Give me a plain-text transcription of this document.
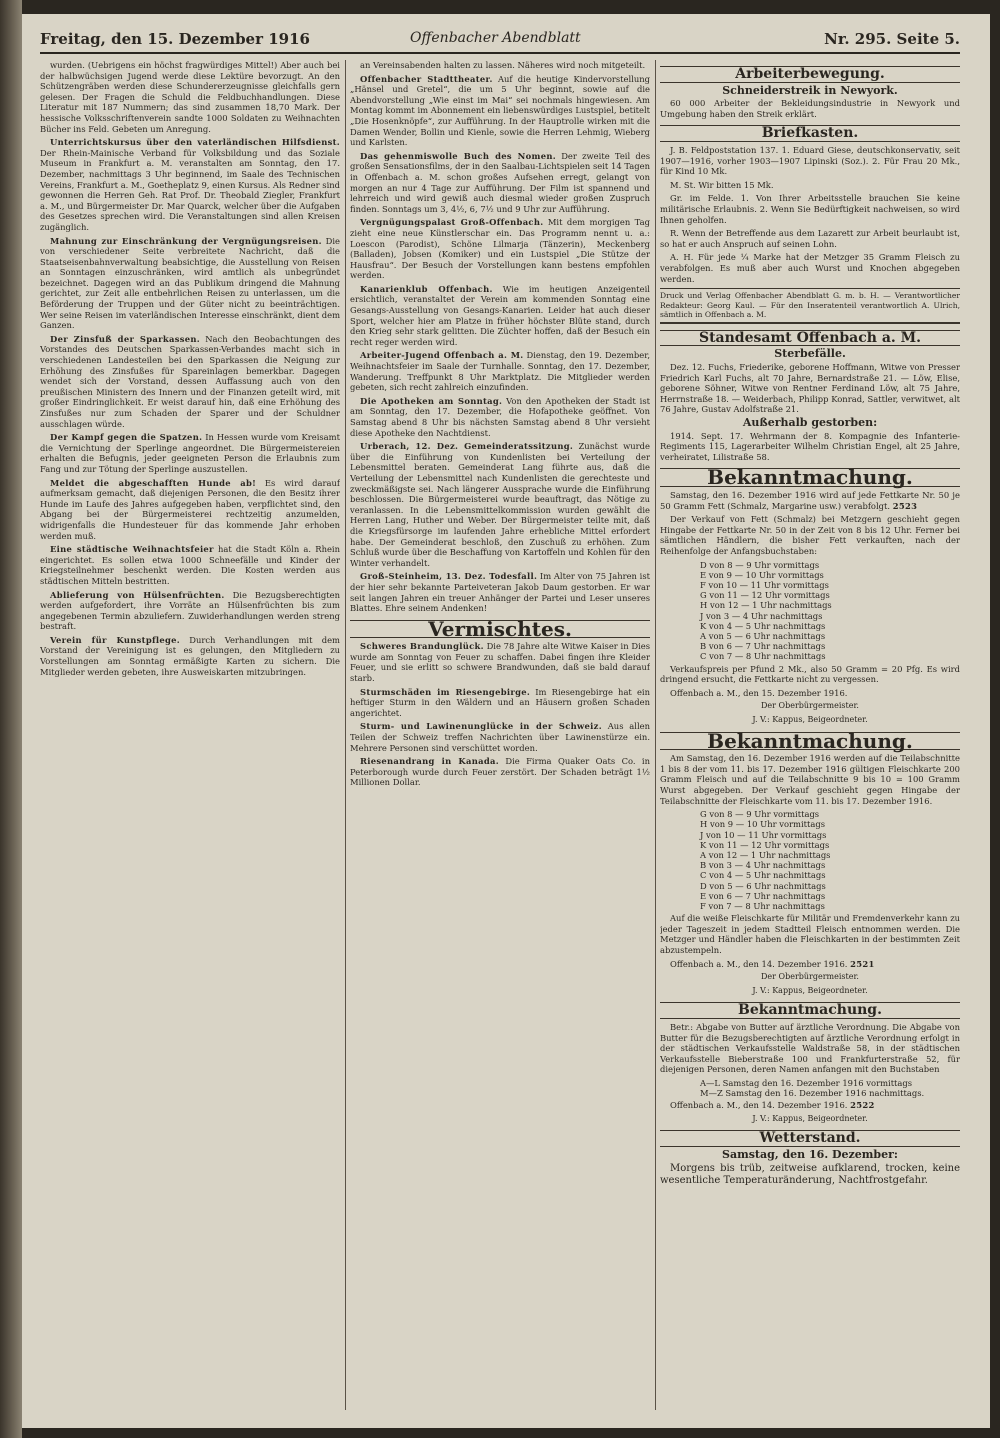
Freitag, den 15. Dezember 1916	Offenbacher Abendblatt	Nr. 295. Seite 5.

wurden. (Uebrigens ein höchst fragwürdiges Mittel!) Aber auch bei der halbwüchsigen Jugend werde diese Lektüre bevorzugt. An den Schützengräben werden diese Schundererzeugnisse gleichfalls gern gelesen. Der Fragen die Schuld die Feldbuchhandlungen. Diese Literatur mit 187 Nummern; das sind zusammen 18,70 Mark. Der hessische Volksschriftenverein sandte 1000 Soldaten zu Weihnachten Bücher ins Feld. Gebeten um Anregung.

Unterrichtskursus über den vaterländischen Hilfsdienst. Der Rhein-Mainische Verband für Volksbildung und das Soziale Museum in Frankfurt a. M. veranstalten am Sonntag, den 17. Dezember, nachmittags 3 Uhr beginnend, im Saale des Technischen Vereins, Frankfurt a. M., Goetheplatz 9, einen Kursus. Als Redner sind gewonnen die Herren Geh. Rat Prof. Dr. Theobald Ziegler, Frankfurt a. M., und Bürgermeister Dr. Mar Quarck, welcher über die Aufgaben des Gesetzes sprechen wird. Die Veranstaltungen sind allen Kreisen zugänglich.

Mahnung zur Einschränkung der Vergnügungsreisen. Die von verschiedener Seite verbreitete Nachricht, daß die Staatseisenbahnverwaltung beabsichtige, die Ausstellung von Reisen an Sonntagen einzuschränken, wird amtlich als unbegründet bezeichnet. Dagegen wird an das Publikum dringend die Mahnung gerichtet, zur Zeit alle entbehrlichen Reisen zu unterlassen, um die Beförderung der Truppen und der Güter nicht zu beeinträchtigen. Wer seine Reisen im vaterländischen Interesse einschränkt, dient dem Ganzen.

Der Zinsfuß der Sparkassen. Nach den Beobachtungen des Vorstandes des Deutschen Sparkassen-Verbandes macht sich in verschiedenen Landesteilen bei den Sparkassen die Neigung zur Erhöhung des Zinsfußes für Spareinlagen bemerkbar. Dagegen wendet sich der Vorstand, dessen Auffassung auch von den preußischen Ministern des Innern und der Finanzen geteilt wird, mit großer Eindringlichkeit. Er weist darauf hin, daß eine Erhöhung des Zinsfußes nur zum Schaden der Sparer und der Schuldner ausschlagen würde.

Der Kampf gegen die Spatzen. In Hessen wurde vom Kreisamt die Vernichtung der Sperlinge angeordnet. Die Bürgermeistereien erhalten die Befugnis, jeder geeigneten Person die Erlaubnis zum Fang und zur Tötung der Sperlinge auszustellen.

Meldet die abgeschafften Hunde ab! Es wird darauf aufmerksam gemacht, daß diejenigen Personen, die den Besitz ihrer Hunde im Laufe des Jahres aufgegeben haben, verpflichtet sind, den Abgang bei der Bürgermeisterei rechtzeitig anzumelden, widrigenfalls die Hundesteuer für das kommende Jahr erhoben werden muß.

Eine städtische Weihnachtsfeier hat die Stadt Köln a. Rhein eingerichtet. Es sollen etwa 1000 Schneefälle und Kinder der Kriegsteilnehmer beschenkt werden. Die Kosten werden aus städtischen Mitteln bestritten.

Ablieferung von Hülsenfrüchten. Die Bezugsberechtigten werden aufgefordert, ihre Vorräte an Hülsenfrüchten bis zum angegebenen Termin abzuliefern. Zuwiderhandlungen werden streng bestraft.

Verein für Kunstpflege. Durch Verhandlungen mit dem Vorstand der Vereinigung ist es gelungen, den Mitgliedern zu Vorstellungen am Sonntag ermäßigte Karten zu sichern. Die Mitglieder werden gebeten, ihre Ausweiskarten mitzubringen.

an Vereinsabenden halten zu lassen. Näheres wird noch mitgeteilt.

Offenbacher Stadttheater. Auf die heutige Kindervorstellung „Hänsel und Gretel“, die um 5 Uhr beginnt, sowie auf die Abendvorstellung „Wie einst im Mai“ sei nochmals hingewiesen. Am Montag kommt im Abonnement ein liebenswürdiges Lustspiel, betitelt „Die Hosenknöpfe“, zur Aufführung. In der Hauptrolle wirken mit die Damen Wender, Bollin und Kienle, sowie die Herren Lehmig, Wieberg und Karlsten.

Das gehenmiswolle Buch des Nomen. Der zweite Teil des großen Sensationsfilms, der in den Saalbau-Lichtspielen seit 14 Tagen in Offenbach a. M. schon großes Aufsehen erregt, gelangt von morgen an nur 4 Tage zur Aufführung. Der Film ist spannend und lehrreich und wird gewiß auch diesmal wieder großen Zuspruch finden. Sonntags um 3, 4½, 6, 7½ und 9 Uhr zur Aufführung.

Vergnügungspalast Groß-Offenbach. Mit dem morgigen Tag zieht eine neue Künstlerschar ein. Das Programm nennt u. a.: Loescon (Parodist), Schöne Lilmarja (Tänzerin), Meckenberg (Balladen), Jobsen (Komiker) und ein Lustspiel „Die Stütze der Hausfrau“. Der Besuch der Vorstellungen kann bestens empfohlen werden.

Kanarienklub Offenbach. Wie im heutigen Anzeigenteil ersichtlich, veranstaltet der Verein am kommenden Sonntag eine Gesangs-Ausstellung von Gesangs-Kanarien. Leider hat auch dieser Sport, welcher hier am Platze in früher höchster Blüte stand, durch den Krieg sehr stark gelitten. Die Züchter hoffen, daß der Besuch ein recht reger werden wird.

Arbeiter-Jugend Offenbach a. M. Dienstag, den 19. Dezember, Weihnachtsfeier im Saale der Turnhalle. Sonntag, den 17. Dezember, Wanderung. Treffpunkt 8 Uhr Marktplatz. Die Mitglieder werden gebeten, sich recht zahlreich einzufinden.

Die Apotheken am Sonntag. Von den Apotheken der Stadt ist am Sonntag, den 17. Dezember, die Hofapotheke geöffnet. Von Samstag abend 8 Uhr bis nächsten Samstag abend 8 Uhr versieht diese Apotheke den Nachtdienst.

Urberach, 12. Dez. Gemeinderatssitzung. Zunächst wurde über die Einführung von Kundenlisten bei Verteilung der Lebensmittel beraten. Gemeinderat Lang führte aus, daß die Verteilung der Lebensmittel nach Kundenlisten die gerechteste und zweckmäßigste sei. Nach längerer Aussprache wurde die Einführung beschlossen. Die Bürgermeisterei wurde beauftragt, das Nötige zu veranlassen. In die Lebensmittelkommission wurden gewählt die Herren Lang, Huther und Weber. Der Bürgermeister teilte mit, daß die Kriegsfürsorge im laufenden Jahre erhebliche Mittel erfordert habe. Der Gemeinderat beschloß, den Zuschuß zu erhöhen. Zum Schluß wurde über die Beschaffung von Kartoffeln und Kohlen für den Winter verhandelt.

Groß-Steinheim, 13. Dez. Todesfall. Im Alter von 75 Jahren ist der hier sehr bekannte Parteiveteran Jakob Daum gestorben. Er war seit langen Jahren ein treuer Anhänger der Partei und Leser unseres Blattes. Ehre seinem Andenken!

Vermischtes.

Schweres Brandunglück. Die 78 Jahre alte Witwe Kaiser in Dies wurde am Sonntag von Feuer zu schaffen. Dabei fingen ihre Kleider Feuer, und sie erlitt so schwere Brandwunden, daß sie bald darauf starb.

Sturmschäden im Riesengebirge. Im Riesengebirge hat ein heftiger Sturm in den Wäldern und an Häusern großen Schaden angerichtet.

Sturm- und Lawinenunglücke in der Schweiz. Aus allen Teilen der Schweiz treffen Nachrichten über Lawinenstürze ein. Mehrere Personen sind verschüttet worden.

Riesenandrang in Kanada. Die Firma Quaker Oats Co. in Peterborough wurde durch Feuer zerstört. Der Schaden beträgt 1½ Millionen Dollar.

Arbeiterbewegung.
Schneiderstreik in Newyork.

60 000 Arbeiter der Bekleidungsindustrie in Newyork und Umgebung haben den Streik erklärt.

Briefkasten.

J. B. Feldpoststation 137. 1. Eduard Giese, deutschkonservativ, seit 1907—1916, vorher 1903—1907 Lipinski (Soz.). 2. Für Frau 20 Mk., für Kind 10 Mk.

M. St. Wir bitten 15 Mk.

Gr. im Felde. 1. Von Ihrer Arbeitsstelle brauchen Sie keine militärische Erlaubnis. 2. Wenn Sie Bedürftigkeit nachweisen, so wird Ihnen geholfen.

R. Wenn der Betreffende aus dem Lazarett zur Arbeit beurlaubt ist, so hat er auch Anspruch auf seinen Lohn.

A. H. Für jede ¼ Marke hat der Metzger 35 Gramm Fleisch zu verabfolgen. Es muß aber auch Wurst und Knochen abgegeben werden.

Druck und Verlag Offenbacher Abendblatt G. m. b. H. — Verantwortlicher Redakteur: Georg Kaul. — Für den Inseratenteil verantwortlich A. Ulrich, sämtlich in Offenbach a. M.
Standesamt Offenbach a. M.
Sterbefälle.

Dez. 12. Fuchs, Friederike, geborene Hoffmann, Witwe von Presser Friedrich Karl Fuchs, alt 70 Jahre, Bernardstraße 21. — Löw, Elise, geborene Söhner, Witwe von Rentner Ferdinand Löw, alt 75 Jahre, Herrnstraße 18. — Weiderbach, Philipp Konrad, Sattler, verwitwet, alt 76 Jahre, Gustav Adolfstraße 21.

Außerhalb gestorben:

1914. Sept. 17. Wehrmann der 8. Kompagnie des Infanterie-Regiments 115, Lagerarbeiter Wilhelm Christian Engel, alt 25 Jahre, verheiratet, Lilistraße 58.

Bekanntmachung.

Samstag, den 16. Dezember 1916 wird auf jede Fettkarte Nr. 50 je 50 Gramm Fett (Schmalz, Margarine usw.) verabfolgt. 2523

Der Verkauf von Fett (Schmalz) bei Metzgern geschieht gegen Hingabe der Fettkarte Nr. 50 in der Zeit von 8 bis 12 Uhr. Ferner bei sämtlichen Händlern, die bisher Fett verkauften, nach der Reihenfolge der Anfangsbuchstaben:

D von 8 — 9 Uhr vormittags
E von 9 — 10 Uhr vormittags
F von 10 — 11 Uhr vormittags
G von 11 — 12 Uhr vormittags
H von 12 — 1 Uhr nachmittags
J von 3 — 4 Uhr nachmittags
K von 4 — 5 Uhr nachmittags
A von 5 — 6 Uhr nachmittags
B von 6 — 7 Uhr nachmittags
C von 7 — 8 Uhr nachmittags

Verkaufspreis per Pfund 2 Mk., also 50 Gramm = 20 Pfg. Es wird dringend ersucht, die Fettkarte nicht zu vergessen.

Offenbach a. M., den 15. Dezember 1916.

Der Oberbürgermeister.
J. V.: Kappus, Beigeordneter.
Bekanntmachung.

Am Samstag, den 16. Dezember 1916 werden auf die Teilabschnitte 1 bis 8 der vom 11. bis 17. Dezember 1916 gültigen Fleischkarte 200 Gramm Fleisch und auf die Teilabschnitte 9 bis 10 = 100 Gramm Wurst abgegeben. Der Verkauf geschieht gegen Hingabe der Teilabschnitte der Fleischkarte vom 11. bis 17. Dezember 1916.

G von 8 — 9 Uhr vormittags
H von 9 — 10 Uhr vormittags
J von 10 — 11 Uhr vormittags
K von 11 — 12 Uhr vormittags
A von 12 — 1 Uhr nachmittags
B von 3 — 4 Uhr nachmittags
C von 4 — 5 Uhr nachmittags
D von 5 — 6 Uhr nachmittags
E von 6 — 7 Uhr nachmittags
F von 7 — 8 Uhr nachmittags

Auf die weiße Fleischkarte für Militär und Fremdenverkehr kann zu jeder Tageszeit in jedem Stadtteil Fleisch entnommen werden. Die Metzger und Händler haben die Fleischkarten in der bestimmten Zeit abzustempeln.

Offenbach a. M., den 14. Dezember 1916. 2521

Der Oberbürgermeister.
J. V.: Kappus, Beigeordneter.
Bekanntmachung.

Betr.: Abgabe von Butter auf ärztliche Verordnung. Die Abgabe von Butter für die Bezugsberechtigten auf ärztliche Verordnung erfolgt in der städtischen Verkaufsstelle Waldstraße 58, in der städtischen Verkaufsstelle Bieberstraße 100 und Frankfurterstraße 52, für diejenigen Personen, deren Namen anfangen mit den Buchstaben

A—L Samstag den 16. Dezember 1916 vormittags
M—Z Samstag den 16. Dezember 1916 nachmittags.

Offenbach a. M., den 14. Dezember 1916. 2522

J. V.: Kappus, Beigeordneter.
Wetterstand.
Samstag, den 16. Dezember:

Morgens bis trüb, zeitweise aufklarend, trocken, keine wesentliche Temperaturänderung, Nachtfrostgefahr.
